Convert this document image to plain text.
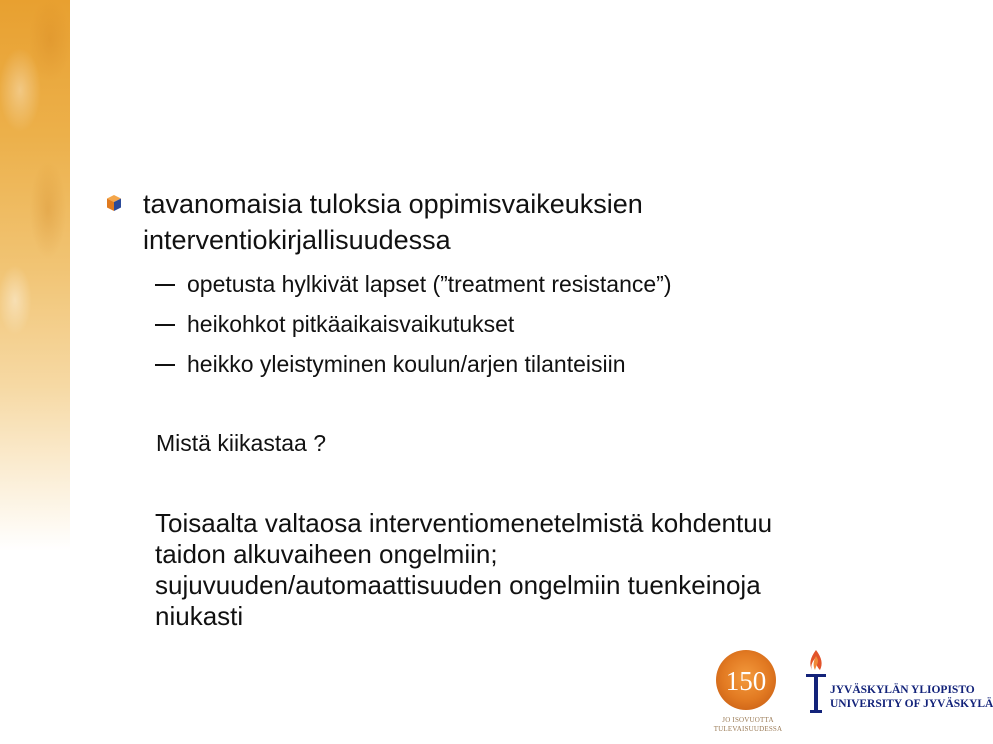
tavanomaisia tuloksia oppimisvaikeuksien
interventiokirjallisuudessa
opetusta hylkivät lapset (”treatment resistance”)
heikohkot pitkäaikaisvaikutukset
heikko yleistyminen koulun/arjen tilanteisiin
Mistä kiikastaa ?
Toisaalta valtaosa interventiomenetelmistä kohdentuu
taidon alkuvaiheen ongelmiin;
sujuvuuden/automaattisuuden ongelmiin tuenkeinoja
niukasti
150
JO ISOVUOTTA
TULEVAISUUDESSA
JYVÄSKYLÄN YLIOPISTO
UNIVERSITY OF JYVÄSKYLÄ
